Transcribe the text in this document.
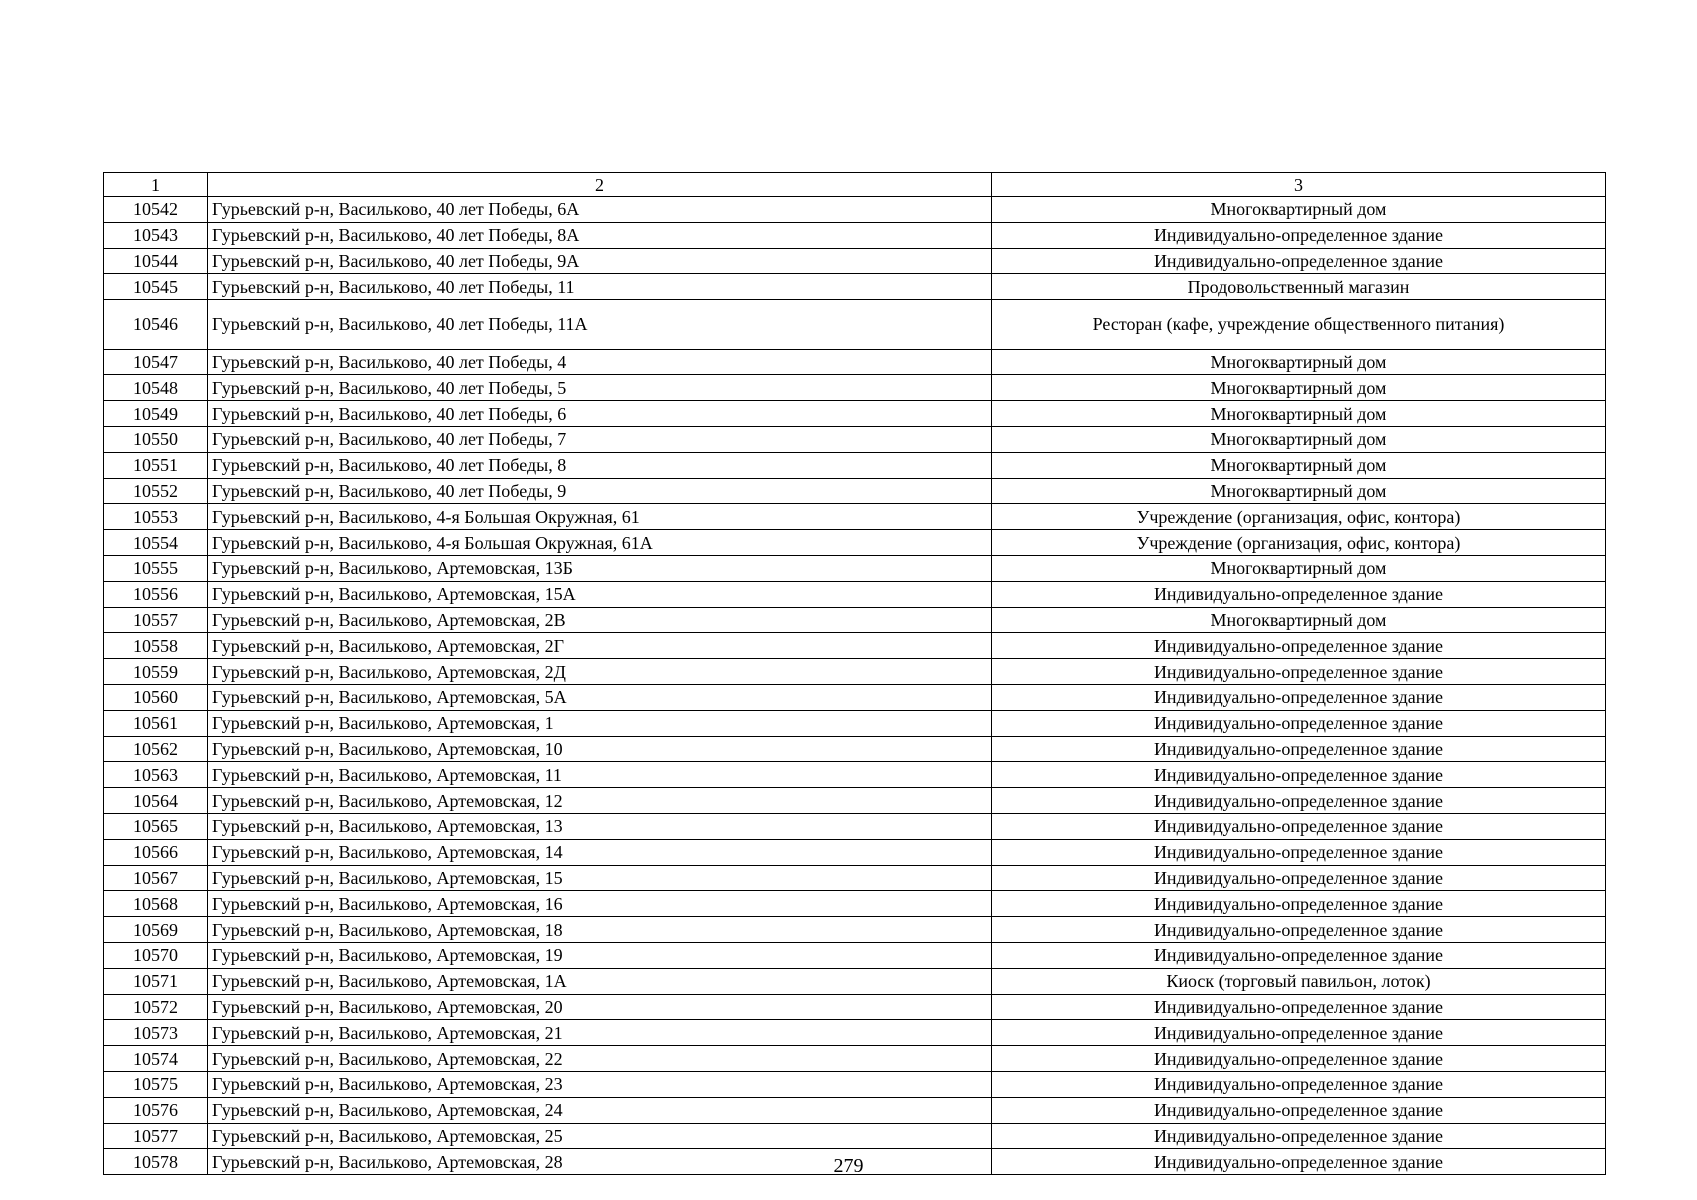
1	2	3
10542	Гурьевский р-н, Васильково, 40 лет Победы, 6А	Многоквартирный дом
10543	Гурьевский р-н, Васильково, 40 лет Победы, 8А	Индивидуально-определенное здание
10544	Гурьевский р-н, Васильково, 40 лет Победы, 9А	Индивидуально-определенное здание
10545	Гурьевский р-н, Васильково, 40 лет Победы, 11	Продовольственный магазин
10546	Гурьевский р-н, Васильково, 40 лет Победы, 11А	Ресторан (кафе, учреждение общественного питания)
10547	Гурьевский р-н, Васильково, 40 лет Победы, 4	Многоквартирный дом
10548	Гурьевский р-н, Васильково, 40 лет Победы, 5	Многоквартирный дом
10549	Гурьевский р-н, Васильково, 40 лет Победы, 6	Многоквартирный дом
10550	Гурьевский р-н, Васильково, 40 лет Победы, 7	Многоквартирный дом
10551	Гурьевский р-н, Васильково, 40 лет Победы, 8	Многоквартирный дом
10552	Гурьевский р-н, Васильково, 40 лет Победы, 9	Многоквартирный дом
10553	Гурьевский р-н, Васильково, 4-я Большая Окружная, 61	Учреждение (организация, офис, контора)
10554	Гурьевский р-н, Васильково, 4-я Большая Окружная, 61А	Учреждение (организация, офис, контора)
10555	Гурьевский р-н, Васильково, Артемовская, 13Б	Многоквартирный дом
10556	Гурьевский р-н, Васильково, Артемовская, 15А	Индивидуально-определенное здание
10557	Гурьевский р-н, Васильково, Артемовская, 2В	Многоквартирный дом
10558	Гурьевский р-н, Васильково, Артемовская, 2Г	Индивидуально-определенное здание
10559	Гурьевский р-н, Васильково, Артемовская, 2Д	Индивидуально-определенное здание
10560	Гурьевский р-н, Васильково, Артемовская, 5А	Индивидуально-определенное здание
10561	Гурьевский р-н, Васильково, Артемовская, 1	Индивидуально-определенное здание
10562	Гурьевский р-н, Васильково, Артемовская, 10	Индивидуально-определенное здание
10563	Гурьевский р-н, Васильково, Артемовская, 11	Индивидуально-определенное здание
10564	Гурьевский р-н, Васильково, Артемовская, 12	Индивидуально-определенное здание
10565	Гурьевский р-н, Васильково, Артемовская, 13	Индивидуально-определенное здание
10566	Гурьевский р-н, Васильково, Артемовская, 14	Индивидуально-определенное здание
10567	Гурьевский р-н, Васильково, Артемовская, 15	Индивидуально-определенное здание
10568	Гурьевский р-н, Васильково, Артемовская, 16	Индивидуально-определенное здание
10569	Гурьевский р-н, Васильково, Артемовская, 18	Индивидуально-определенное здание
10570	Гурьевский р-н, Васильково, Артемовская, 19	Индивидуально-определенное здание
10571	Гурьевский р-н, Васильково, Артемовская, 1А	Киоск (торговый павильон, лоток)
10572	Гурьевский р-н, Васильково, Артемовская, 20	Индивидуально-определенное здание
10573	Гурьевский р-н, Васильково, Артемовская, 21	Индивидуально-определенное здание
10574	Гурьевский р-н, Васильково, Артемовская, 22	Индивидуально-определенное здание
10575	Гурьевский р-н, Васильково, Артемовская, 23	Индивидуально-определенное здание
10576	Гурьевский р-н, Васильково, Артемовская, 24	Индивидуально-определенное здание
10577	Гурьевский р-н, Васильково, Артемовская, 25	Индивидуально-определенное здание
10578	Гурьевский р-н, Васильково, Артемовская, 28	Индивидуально-определенное здание
279
